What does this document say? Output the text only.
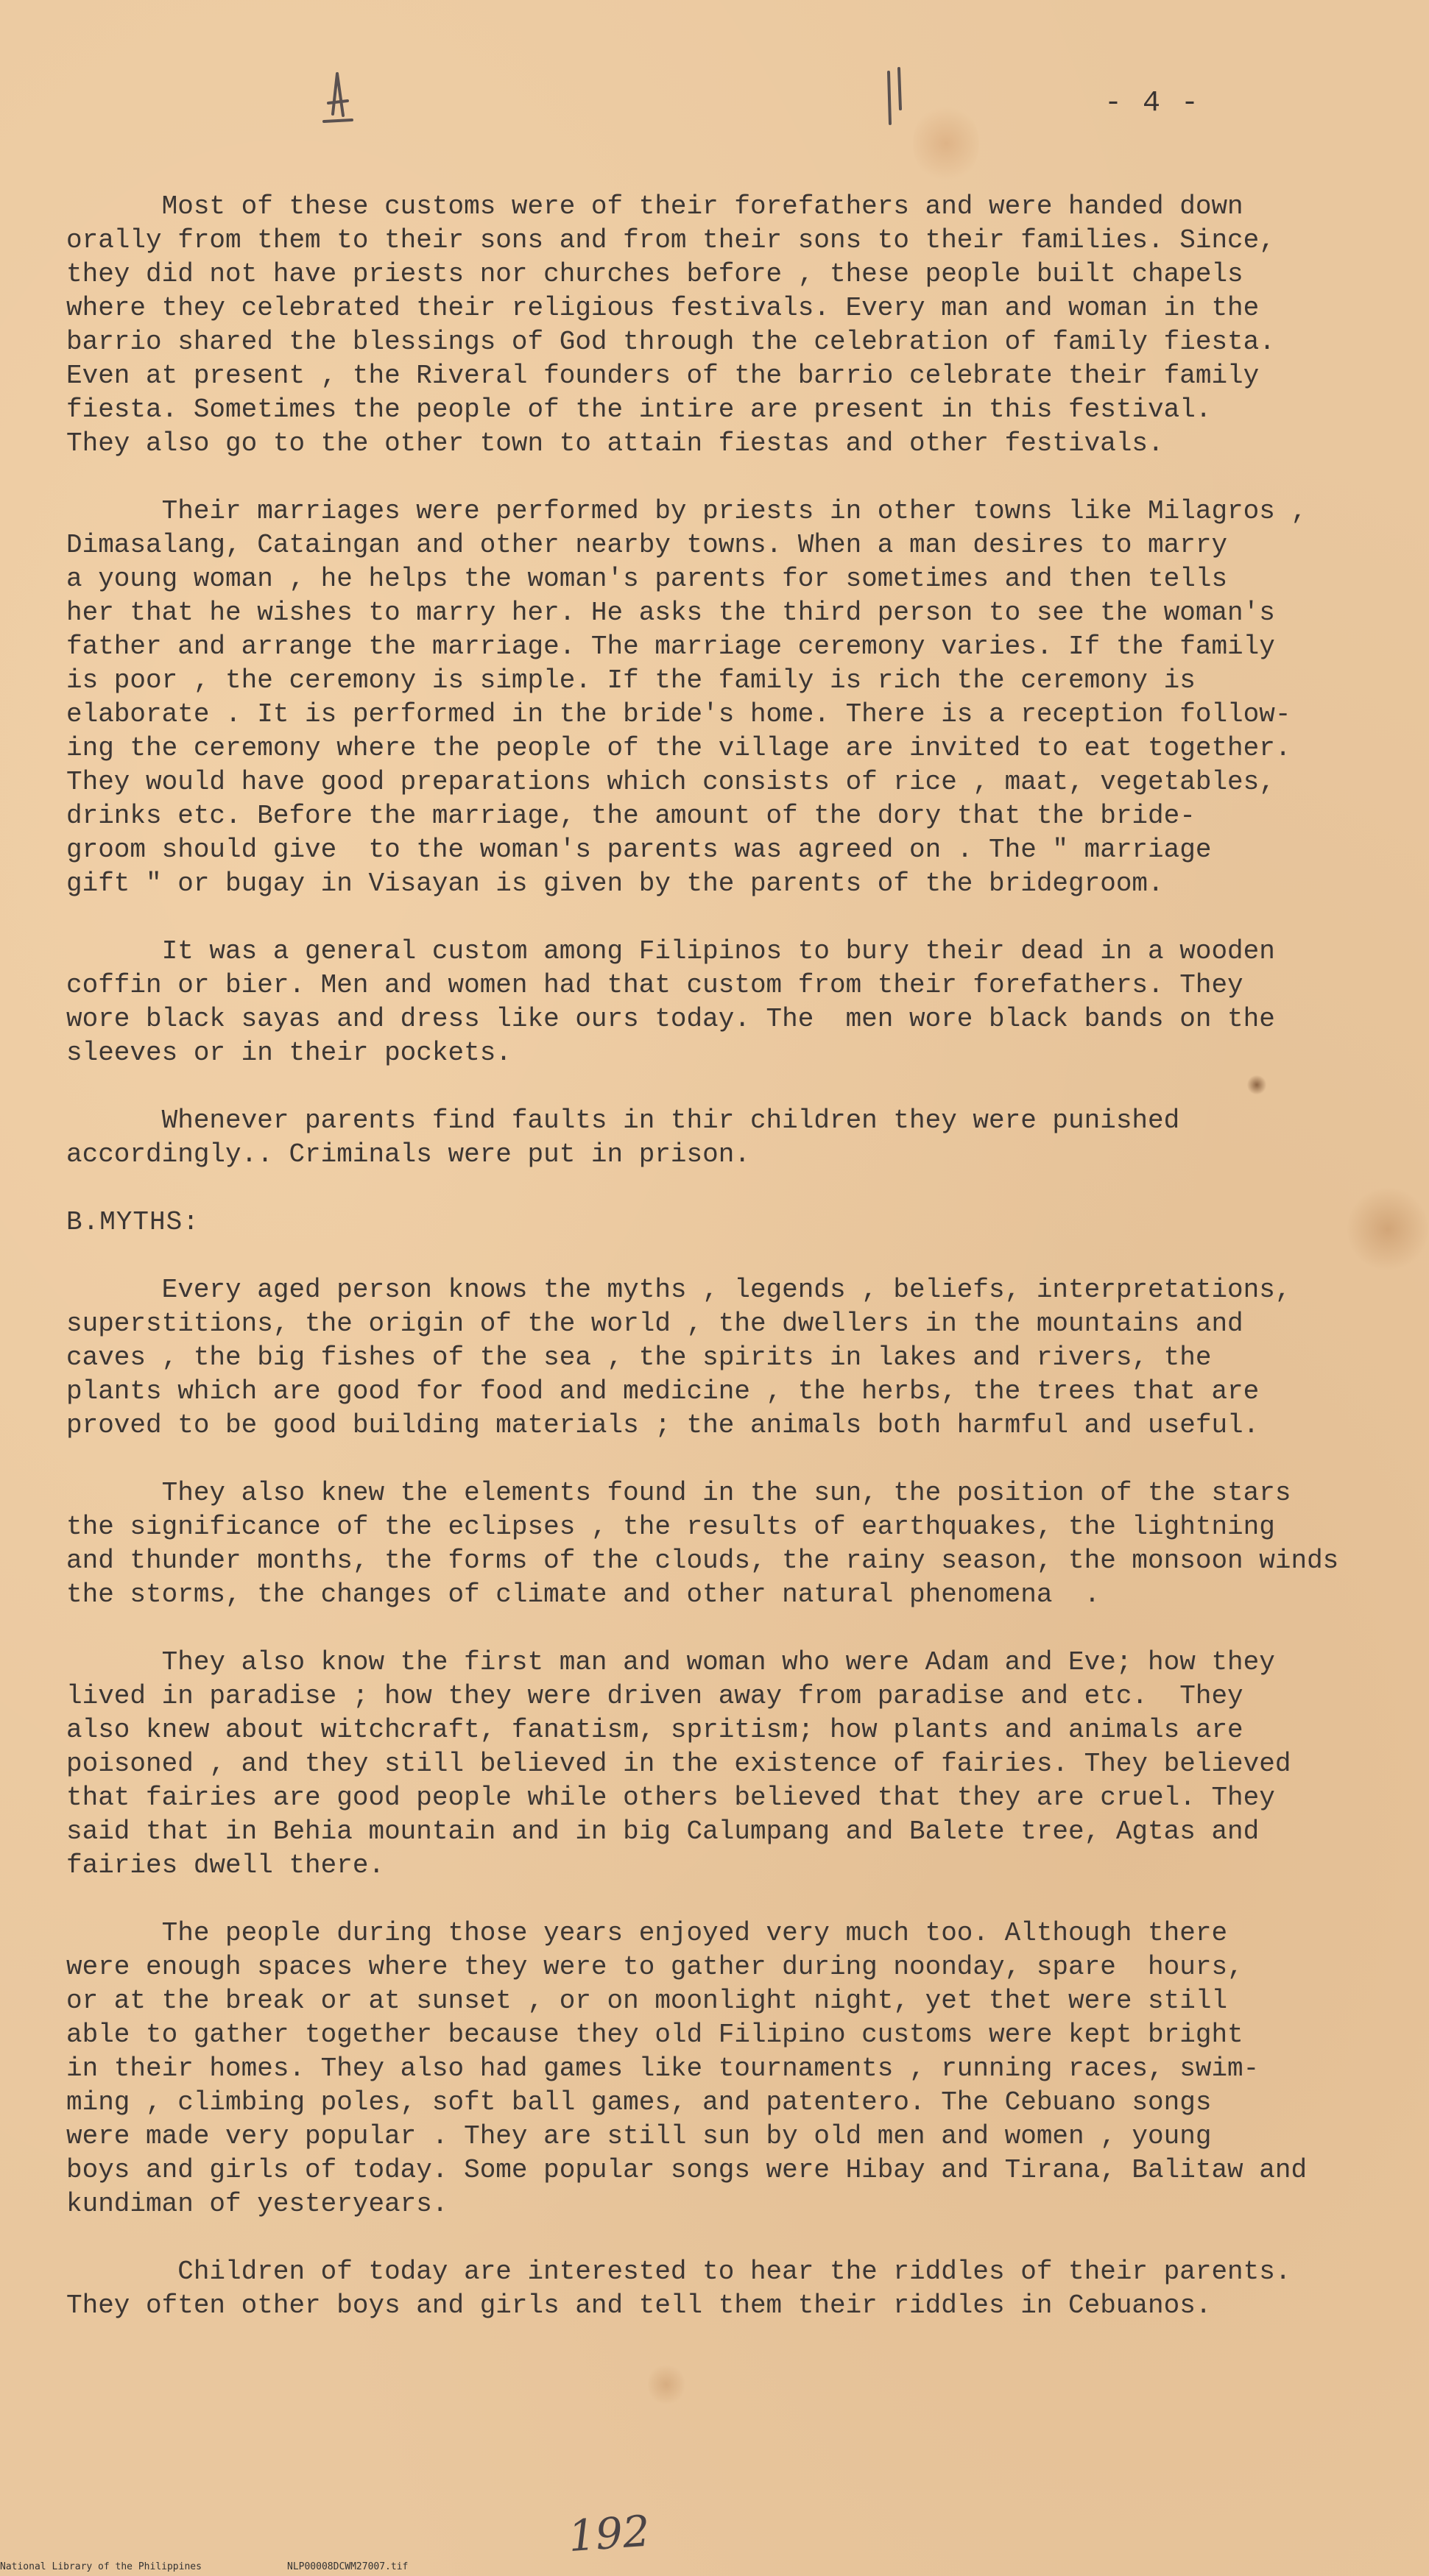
- 4 -

Most of these customs were of their forefathers and were handed down
orally from them to their sons and from their sons to their families. Since,
they did not have priests nor churches before , these people built chapels
where they celebrated their religious festivals. Every man and woman in the
barrio shared the blessings of God through the celebration of family fiesta.
Even at present , the Riveral founders of the barrio celebrate their family
fiesta. Sometimes the people of the intire are present in this festival.
They also go to the other town to attain fiestas and other festivals.

Their marriages were performed by priests in other towns like Milagros ,
Dimasalang, Cataingan and other nearby towns. When a man desires to marry
a young woman , he helps the woman's parents for sometimes and then tells
her that he wishes to marry her. He asks the third person to see the woman's
father and arrange the marriage. The marriage ceremony varies. If the family
is poor , the ceremony is simple. If the family is rich the ceremony is
elaborate . It is performed in the bride's home. There is a reception follow-
ing the ceremony where the people of the village are invited to eat together.
They would have good preparations which consists of rice , maat, vegetables,
drinks etc. Before the marriage, the amount of the dory that the bride-
groom should give  to the woman's parents was agreed on . The " marriage
gift " or bugay in Visayan is given by the parents of the bridegroom.

It was a general custom among Filipinos to bury their dead in a wooden
coffin or bier. Men and women had that custom from their forefathers. They
wore black sayas and dress like ours today. The  men wore black bands on the
sleeves or in their pockets.

Whenever parents find faults in thir children they were punished
accordingly.. Criminals were put in prison.

B.MYTHS:

Every aged person knows the myths , legends , beliefs, interpretations,
superstitions, the origin of the world , the dwellers in the mountains and
caves , the big fishes of the sea , the spirits in lakes and rivers, the
plants which are good for food and medicine , the herbs, the trees that are
proved to be good building materials ; the animals both harmful and useful.

They also knew the elements found in the sun, the position of the stars
the significance of the eclipses , the results of earthquakes, the lightning
and thunder months, the forms of the clouds, the rainy season, the monsoon winds
the storms, the changes of climate and other natural phenomena  .

They also know the first man and woman who were Adam and Eve; how they
lived in paradise ; how they were driven away from paradise and etc.  They
also knew about witchcraft, fanatism, spritism; how plants and animals are
poisoned , and they still believed in the existence of fairies. They believed
that fairies are good people while others believed that they are cruel. They
said that in Behia mountain and in big Calumpang and Balete tree, Agtas and
fairies dwell there.

The people during those years enjoyed very much too. Although there
were enough spaces where they were to gather during noonday, spare  hours,
or at the break or at sunset , or on moonlight night, yet thet were still
able to gather together because they old Filipino customs were kept bright
in their homes. They also had games like tournaments , running races, swim-
ming , climbing poles, soft ball games, and patentero. The Cebuano songs
were made very popular . They are still sun by old men and women , young
boys and girls of today. Some popular songs were Hibay and Tirana, Balitaw and
kundiman of yesteryears.

Children of today are interested to hear the riddles of their parents.
They often other boys and girls and tell them their riddles in Cebuanos.

192
National Library of the Philippines	NLP00008DCWM27007.tif
